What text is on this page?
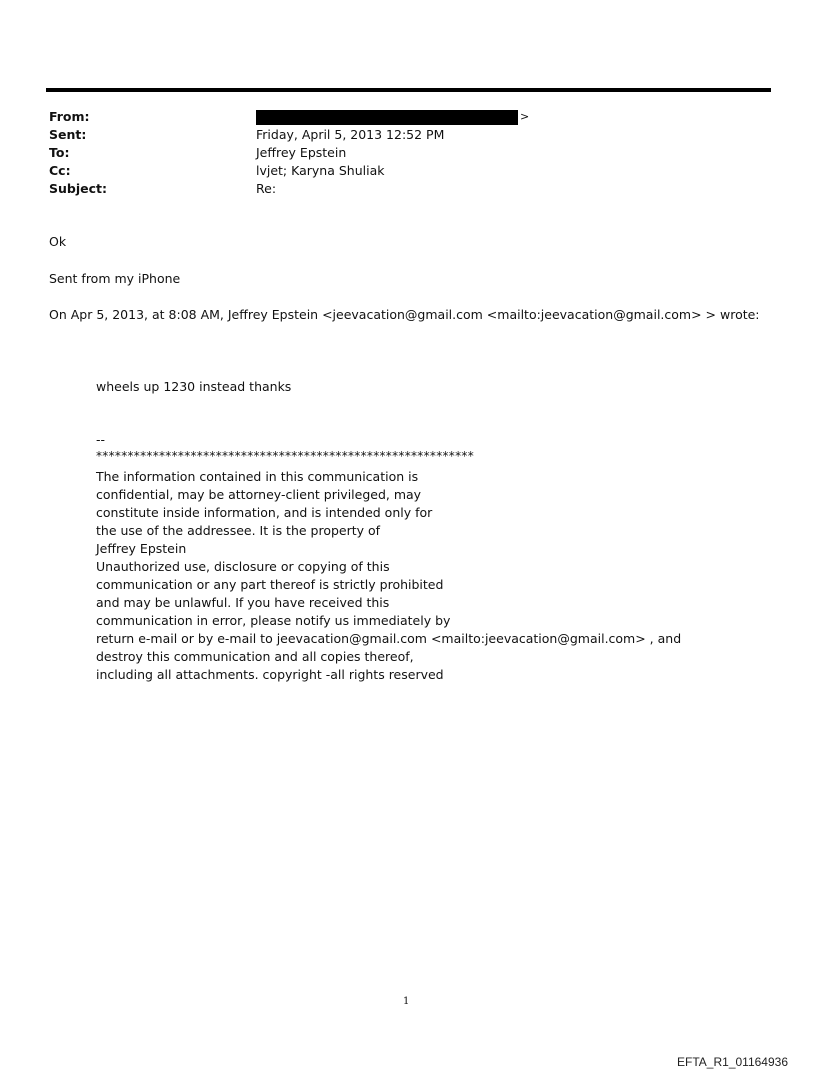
From:	>
Sent:	Friday, April 5, 2013 12:52 PM
To:	Jeffrey Epstein
Cc:	lvjet; Karyna Shuliak
Subject:	Re:
Ok
Sent from my iPhone
On Apr 5, 2013, at 8:08 AM, Jeffrey Epstein <jeevacation@gmail.com <mailto:jeevacation@gmail.com> > wrote:
wheels up 1230 instead thanks
--
************************************************************
The information contained in this communication is
confidential, may be attorney-client privileged, may
constitute inside information, and is intended only for
the use of the addressee. It is the property of
Jeffrey Epstein
Unauthorized use, disclosure or copying of this
communication or any part thereof is strictly prohibited
and may be unlawful. If you have received this
communication in error, please notify us immediately by
return e-mail or by e-mail to jeevacation@gmail.com <mailto:jeevacation@gmail.com> , and
destroy this communication and all copies thereof,
including all attachments. copyright -all rights reserved
1
EFTA_R1_01164936
